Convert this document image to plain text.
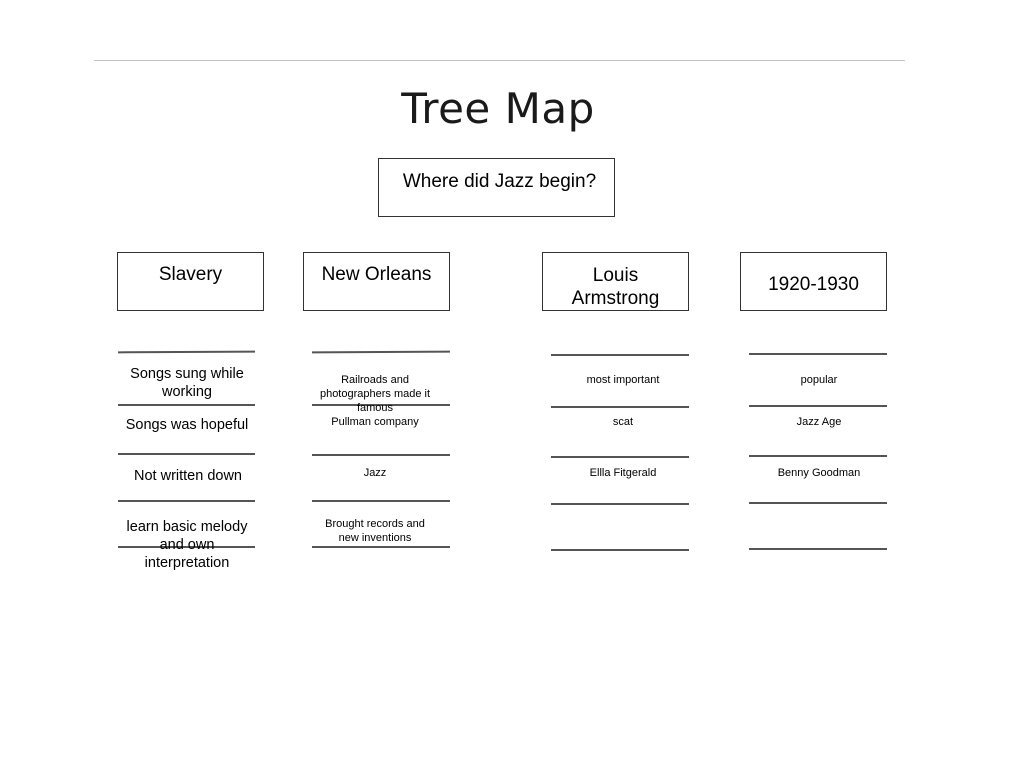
Tree Map
Where did Jazz begin?
Slavery	New Orleans	Louis Armstrong
1920-1930
Songs sung while working
Songs was hopeful
Not written down
learn basic melody and own interpretation
Railroads and photographers made it famous
Pullman company
Jazz
Brought records and new inventions
most important
scat
Ellla Fitgerald
popular
Jazz Age
Benny Goodman
